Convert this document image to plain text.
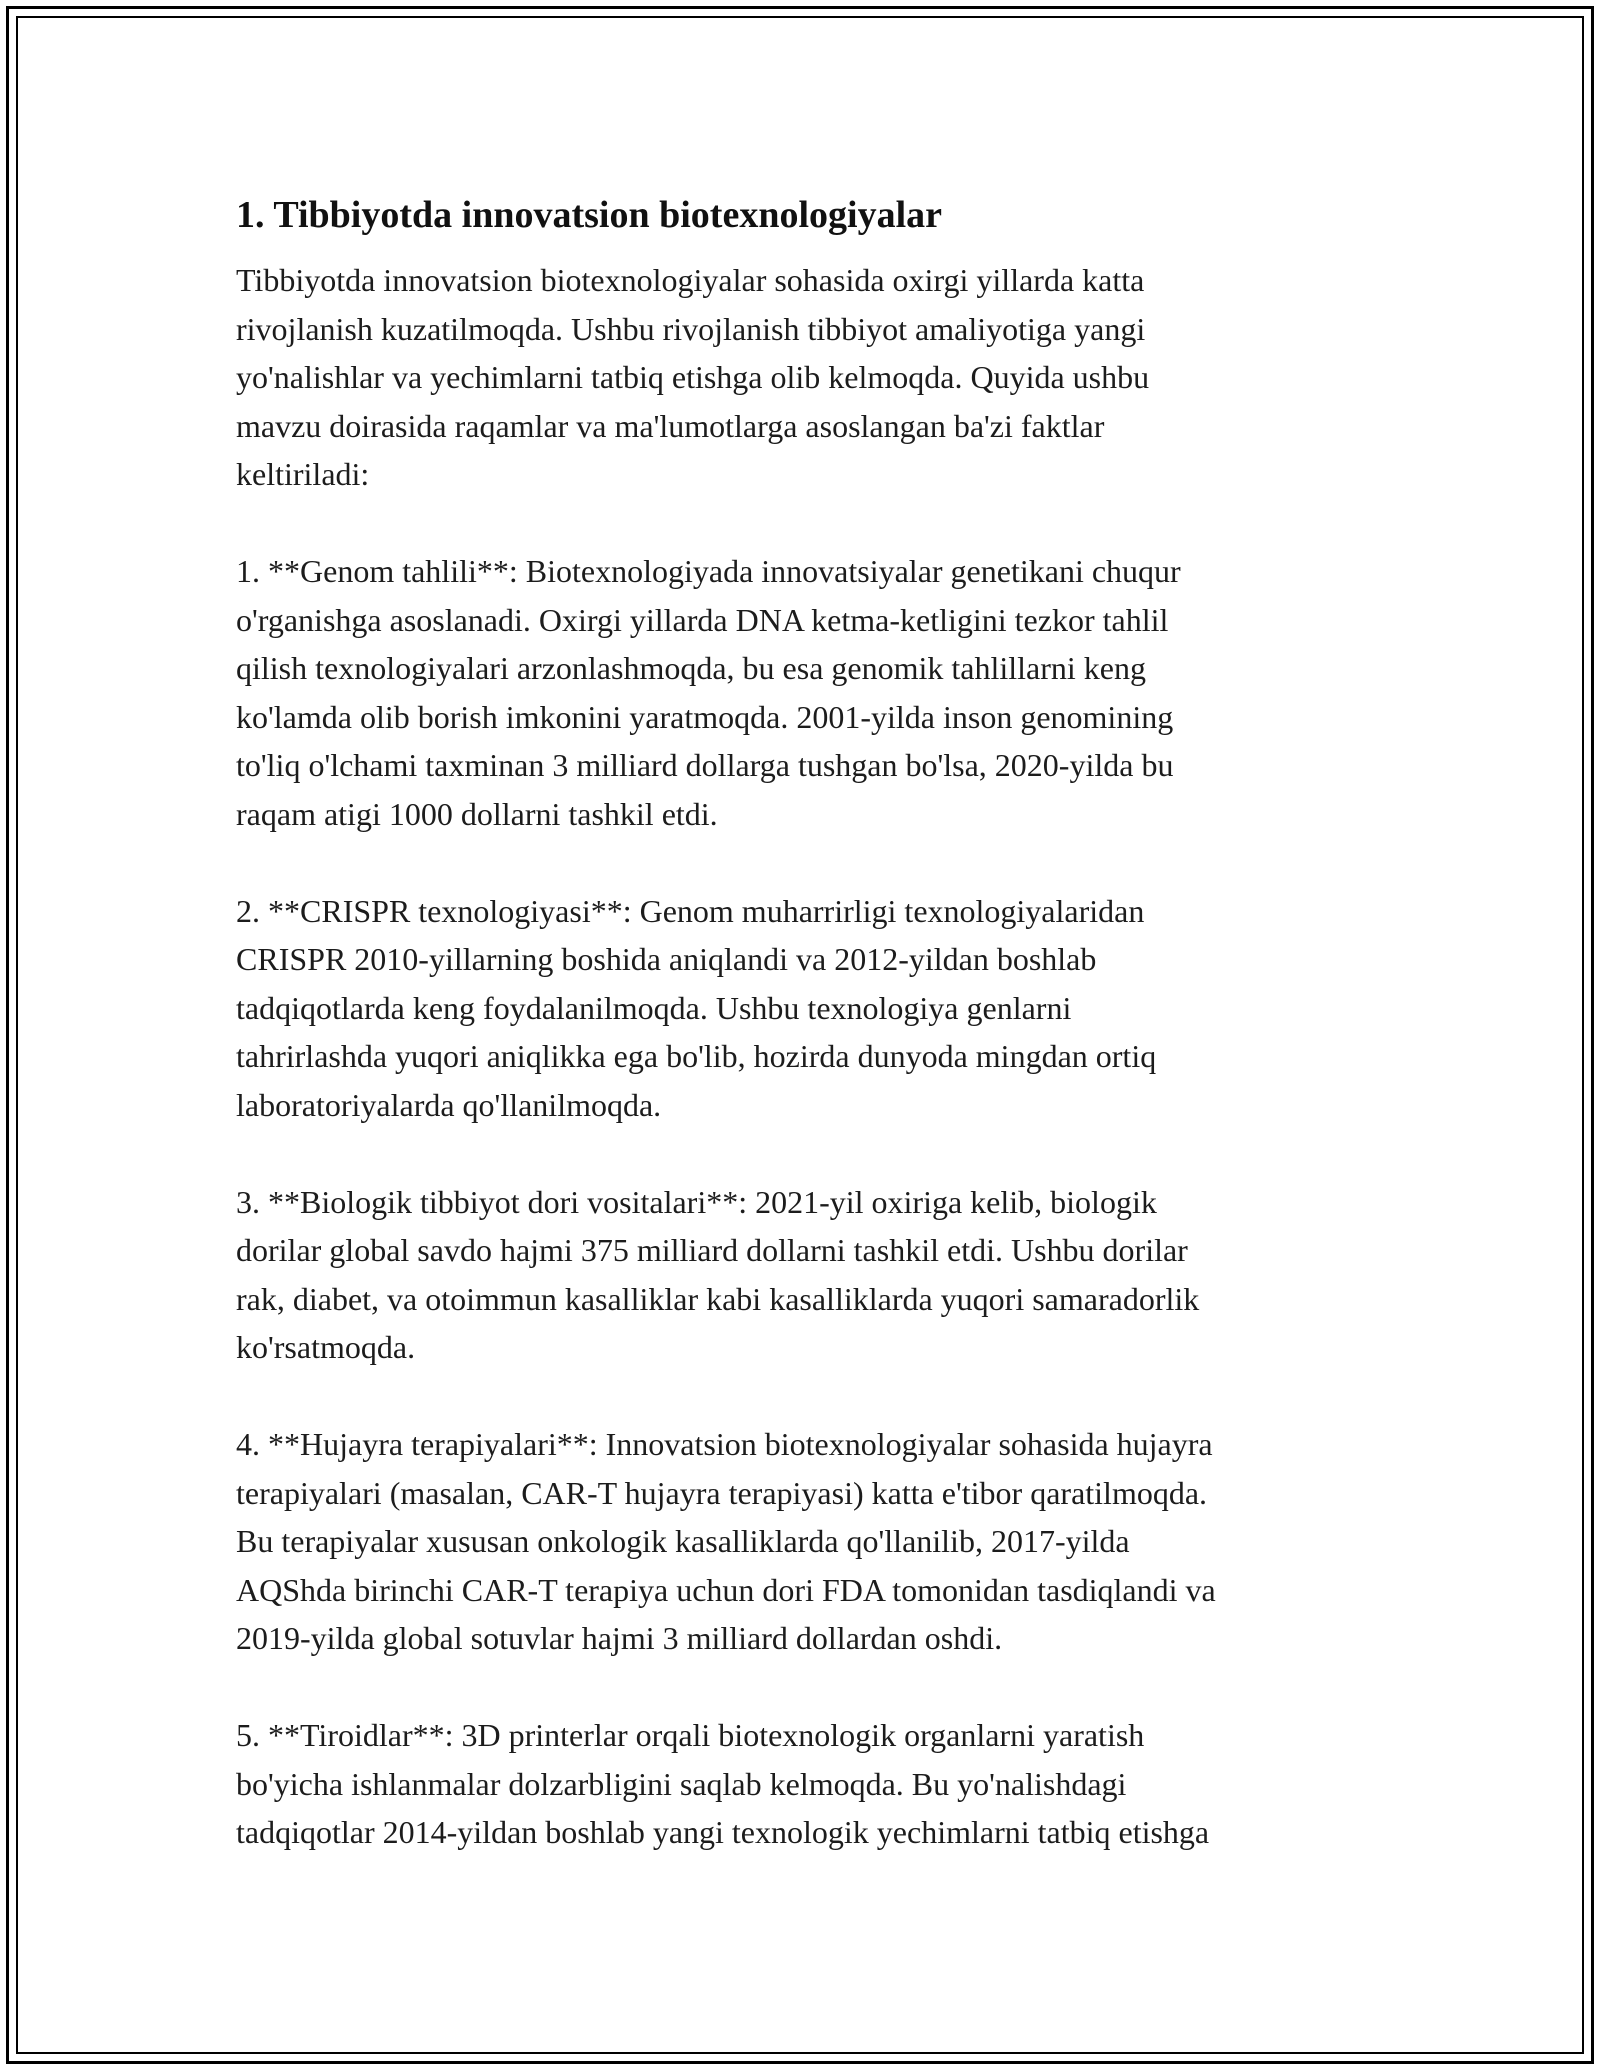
1. Tibbiyotda innovatsion biotexnologiyalar

Tibbiyotda innovatsion biotexnologiyalar sohasida oxirgi yillarda katta
rivojlanish kuzatilmoqda. Ushbu rivojlanish tibbiyot amaliyotiga yangi
yo'nalishlar va yechimlarni tatbiq etishga olib kelmoqda. Quyida ushbu
mavzu doirasida raqamlar va ma'lumotlarga asoslangan ba'zi faktlar
keltiriladi:

1. **Genom tahlili**: Biotexnologiyada innovatsiyalar genetikani chuqur
o'rganishga asoslanadi. Oxirgi yillarda DNA ketma-ketligini tezkor tahlil
qilish texnologiyalari arzonlashmoqda, bu esa genomik tahlillarni keng
ko'lamda olib borish imkonini yaratmoqda. 2001-yilda inson genomining
to'liq o'lchami taxminan 3 milliard dollarga tushgan bo'lsa, 2020-yilda bu
raqam atigi 1000 dollarni tashkil etdi.

2. **CRISPR texnologiyasi**: Genom muharrirligi texnologiyalaridan
CRISPR 2010-yillarning boshida aniqlandi va 2012-yildan boshlab
tadqiqotlarda keng foydalanilmoqda. Ushbu texnologiya genlarni
tahrirlashda yuqori aniqlikka ega bo'lib, hozirda dunyoda mingdan ortiq
laboratoriyalarda qo'llanilmoqda.

3. **Biologik tibbiyot dori vositalari**: 2021-yil oxiriga kelib, biologik
dorilar global savdo hajmi 375 milliard dollarni tashkil etdi. Ushbu dorilar
rak, diabet, va otoimmun kasalliklar kabi kasalliklarda yuqori samaradorlik
ko'rsatmoqda.

4. **Hujayra terapiyalari**: Innovatsion biotexnologiyalar sohasida hujayra
terapiyalari (masalan, CAR-T hujayra terapiyasi) katta e'tibor qaratilmoqda.
Bu terapiyalar xususan onkologik kasalliklarda qo'llanilib, 2017-yilda
AQShda birinchi CAR-T terapiya uchun dori FDA tomonidan tasdiqlandi va
2019-yilda global sotuvlar hajmi 3 milliard dollardan oshdi.

5. **Tiroidlar**: 3D printerlar orqali biotexnologik organlarni yaratish
bo'yicha ishlanmalar dolzarbligini saqlab kelmoqda. Bu yo'nalishdagi
tadqiqotlar 2014-yildan boshlab yangi texnologik yechimlarni tatbiq etishga
